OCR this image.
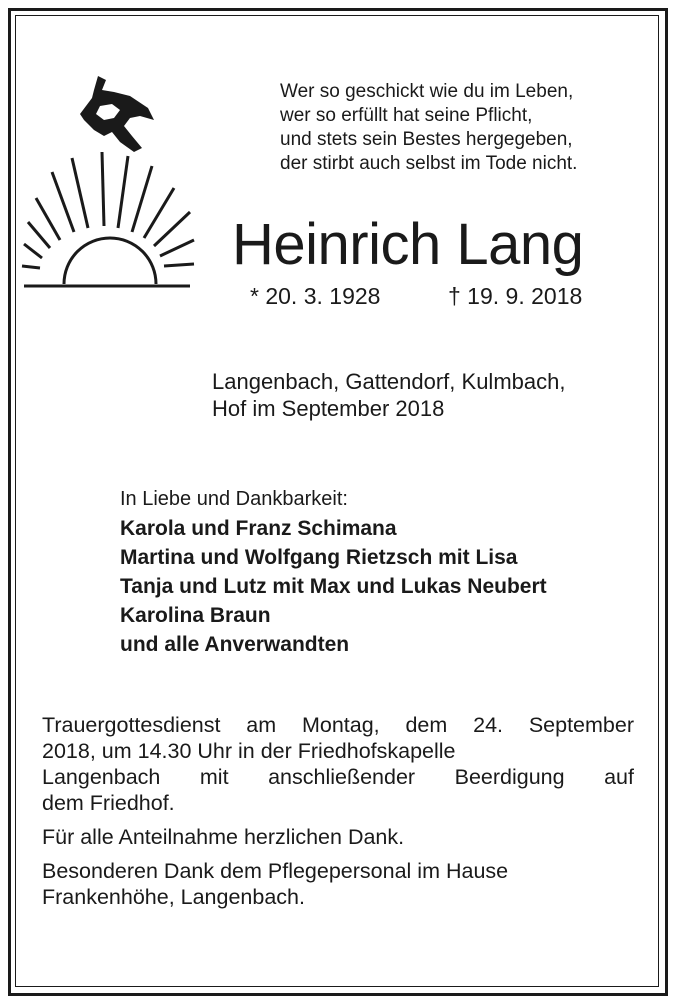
Wer so geschickt wie du im Leben,
wer so erfüllt hat seine Pflicht,
und stets sein Bestes hergegeben,
der stirbt auch selbst im Tode nicht.
Heinrich Lang
* 20. 3. 1928	† 19. 9. 2018
Langenbach, Gattendorf, Kulmbach,
Hof im September 2018
In Liebe und Dankbarkeit:
Karola und Franz Schimana
Martina und Wolfgang Rietzsch mit Lisa
Tanja und Lutz mit Max und Lukas Neubert
Karolina Braun
und alle Anverwandten

Trauergottesdienst am Montag, dem 24. September
2018, um 14.30 Uhr in der Friedhofskapelle
Langenbach mit anschließender Beerdigung auf
dem Friedhof.

Für alle Anteilnahme herzlichen Dank.

Besonderen Dank dem Pflegepersonal im Hause
Frankenhöhe, Langenbach.
